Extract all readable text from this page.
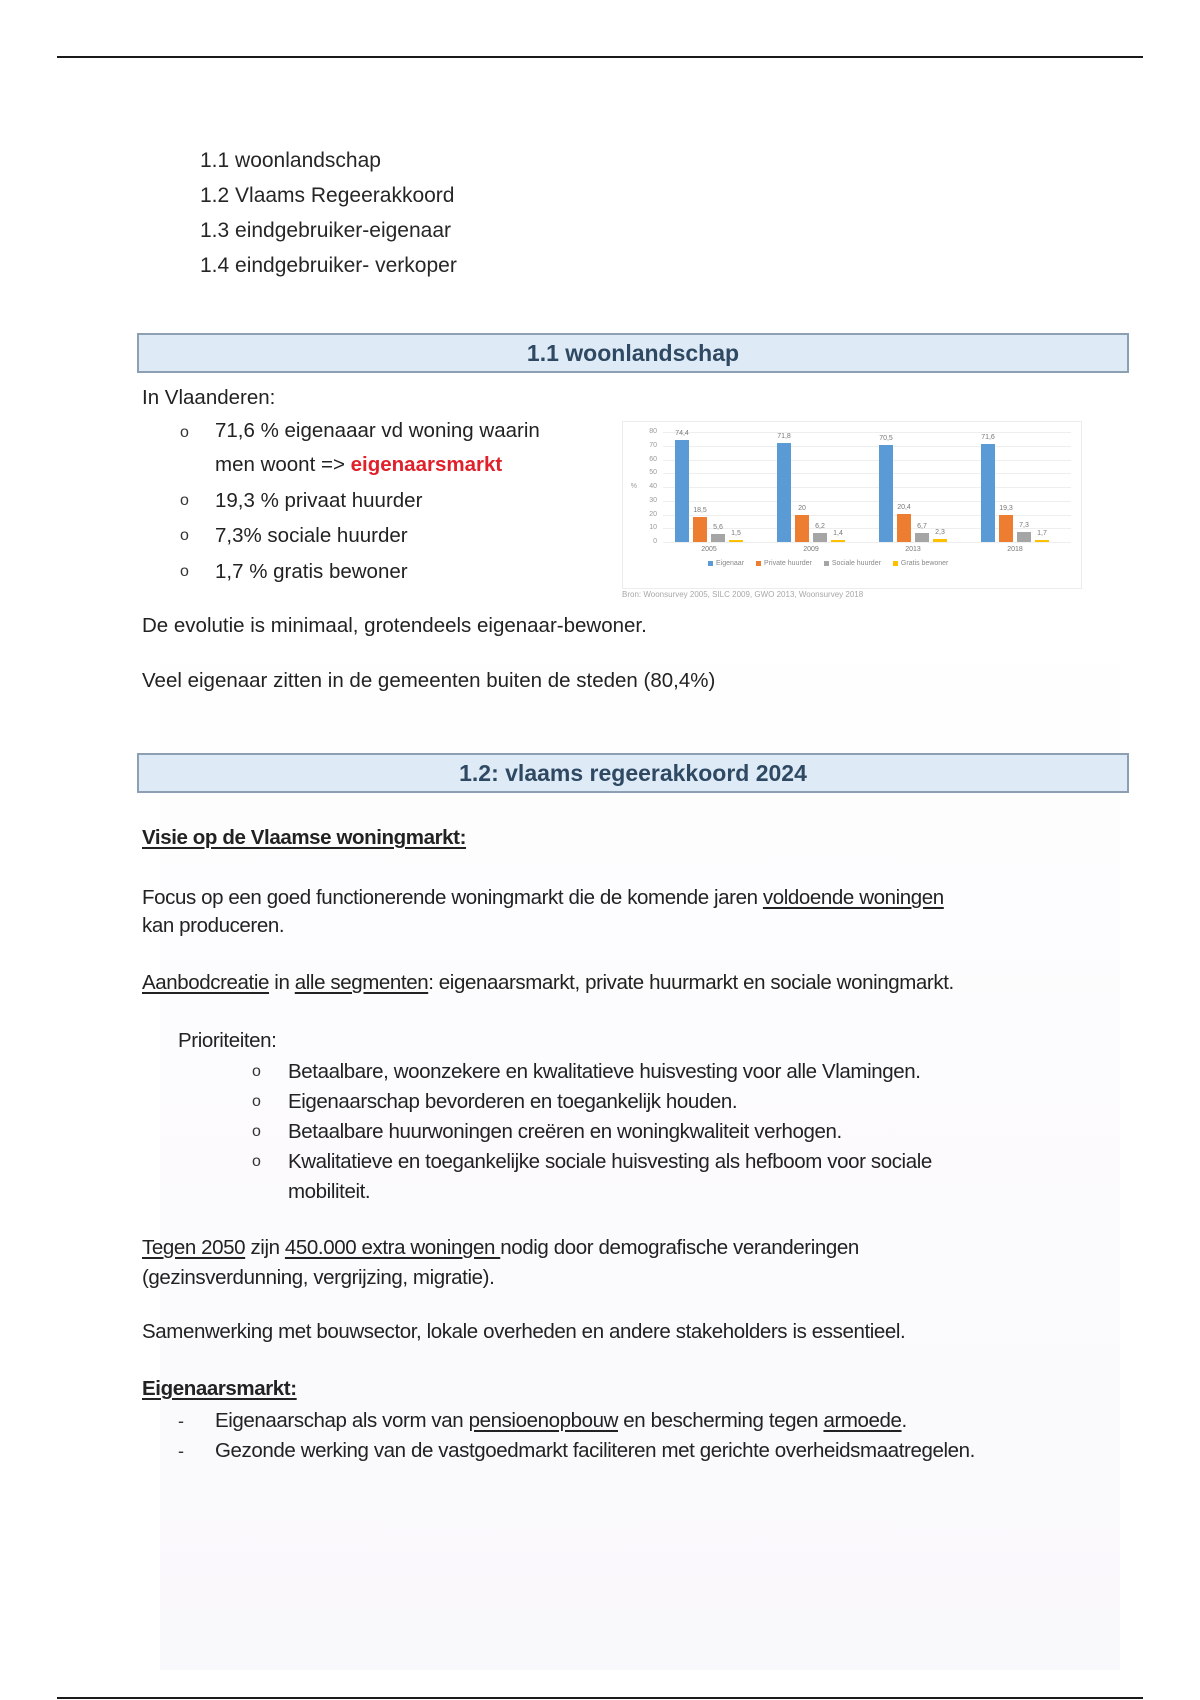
1.1 woonlandschap
1.2 Vlaams Regeerakkoord
1.3 eindgebruiker-eigenaar
1.4 eindgebruiker- verkoper
1.1 woonlandschap
In Vlaanderen:
o 71,6 % eigenaaar vd woning waarin
men woont => eigenaarsmarkt
o	19,3 % privaat huurder
o	7,3% sociale huurder
o	1,7 % gratis bewoner
0
10
20
30
40
50
60
70
80
%
74,4
18,5
5,6
1,5
2005
71,8
20
6,2
1,4
2009
70,5
20,4
6,7
2,3
2013
71,6
19,3
7,3
1,7
2018
Eigenaar	Private huurder	Sociale huurder	Gratis bewoner
Bron: Woonsurvey 2005, SILC 2009, GWO 2013, Woonsurvey 2018
De evolutie is minimaal, grotendeels eigenaar-bewoner.
Veel eigenaar zitten in de gemeenten buiten de steden (80,4%)
1.2: vlaams regeerakkoord 2024
Visie op de Vlaamse woningmarkt:
Focus op een goed functionerende woningmarkt die de komende jaren voldoende woningen
kan produceren.
Aanbodcreatie in alle segmenten: eigenaarsmarkt, private huurmarkt en sociale woningmarkt.
Prioriteiten:
o	Betaalbare, woonzekere en kwalitatieve huisvesting voor alle Vlamingen.
o	Eigenaarschap bevorderen en toegankelijk houden.
o	Betaalbare huurwoningen creëren en woningkwaliteit verhogen.
o Kwalitatieve en toegankelijke sociale huisvesting als hefboom voor sociale
mobiliteit.
Tegen 2050 zijn 450.000 extra woningen nodig door demografische veranderingen
(gezinsverdunning, vergrijzing, migratie).
Samenwerking met bouwsector, lokale overheden en andere stakeholders is essentieel.
Eigenaarsmarkt:
-	Eigenaarschap als vorm van pensioenopbouw en bescherming tegen armoede.
-	Gezonde werking van de vastgoedmarkt faciliteren met gerichte overheidsmaatregelen.
